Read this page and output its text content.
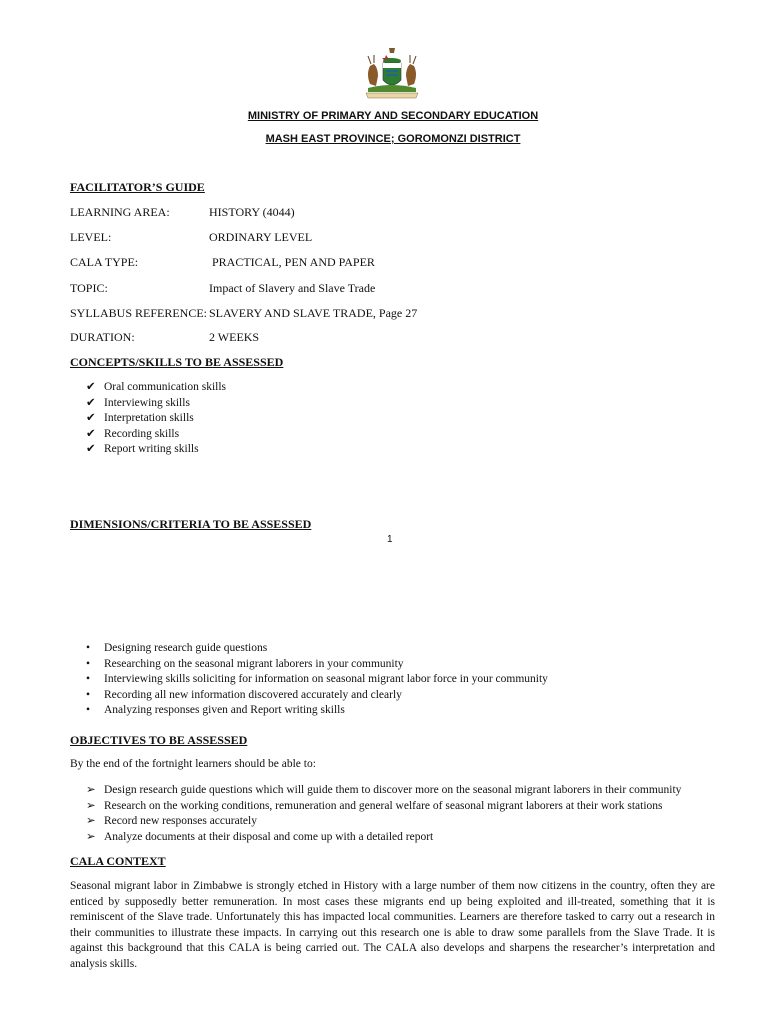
MINISTRY OF PRIMARY AND SECONDARY EDUCATION
MASH EAST PROVINCE; GOROMONZI DISTRICT
FACILITATOR’S GUIDE
LEARNING AREA:	HISTORY (4044)
LEVEL:	ORDINARY LEVEL
CALA TYPE:	PRACTICAL, PEN AND PAPER
TOPIC:	Impact of Slavery and Slave Trade
SYLLABUS REFERENCE: SLAVERY AND SLAVE TRADE, Page 27
DURATION:	2 WEEKS
CONCEPTS/SKILLS TO BE ASSESSED
✔ Oral communication skills
✔ Interviewing skills
✔ Interpretation skills
✔ Recording skills
✔ Report writing skills
DIMENSIONS/CRITERIA TO BE ASSESSED
1
• Designing research guide questions
• Researching on the seasonal migrant laborers in your community
• Interviewing skills soliciting for information on seasonal migrant labor force in your community
• Recording all new information discovered accurately and clearly
• Analyzing responses given and Report writing skills
OBJECTIVES TO BE ASSESSED
By the end of the fortnight learners should be able to:
➢ Design research guide questions which will guide them to discover more on the seasonal migrant laborers in their community
➢ Research on the working conditions, remuneration and general welfare of seasonal migrant laborers at their work stations
➢ Record new responses accurately
➢ Analyze documents at their disposal and come up with a detailed report
CALA CONTEXT
Seasonal migrant labor in Zimbabwe is strongly etched in History with a large number of them now citizens in the country, often they are enticed by supposedly better remuneration. In most cases these migrants end up being exploited and ill-treated, something that it is reminiscent of the Slave trade. Unfortunately this has impacted local communities. Learners are therefore tasked to carry out a research in their communities to illustrate these impacts. In carrying out this research one is able to draw some parallels from the Slave Trade. It is against this background that this CALA is being carried out. The CALA also develops and sharpens the researcher’s interpretation and analysis skills.
